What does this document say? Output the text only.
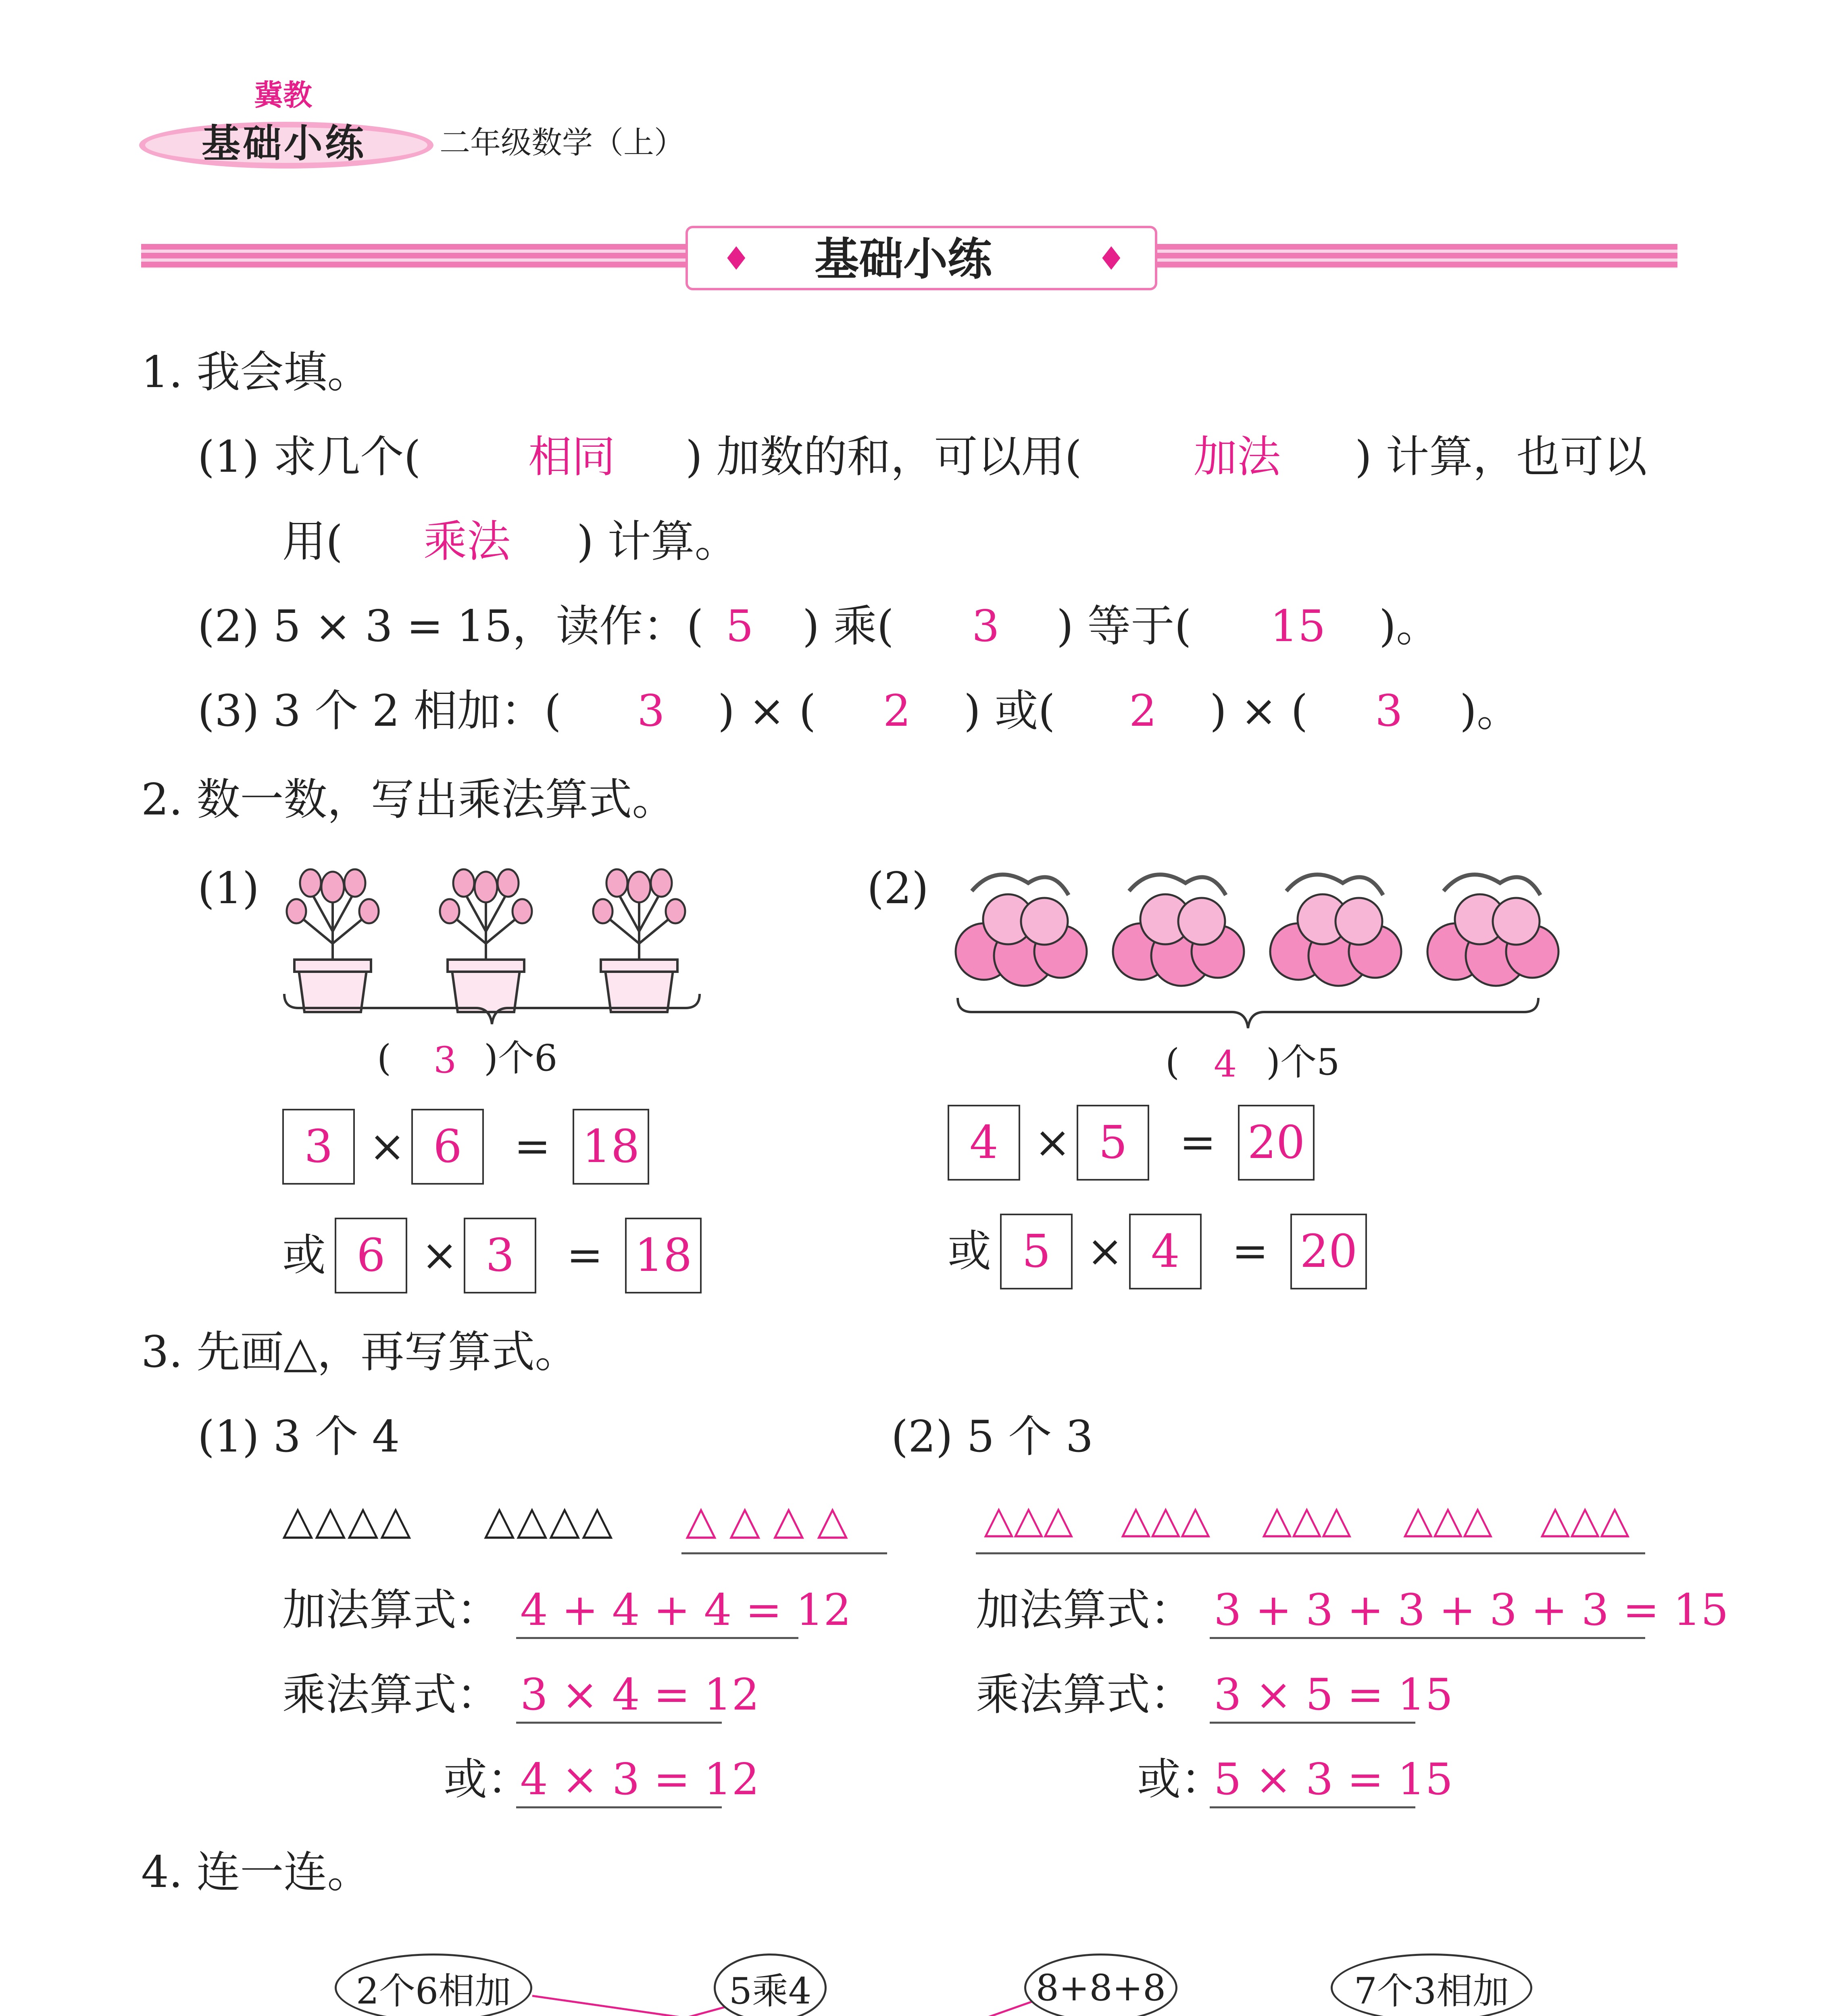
冀教
基础小练 二年级数学（上）
♦ 基础小练	♦
1. 我会填。
(1) 求几个( 相同 ) 加数的和，可以用(	加法 ) 计算，也可以
用( 乘法 ) 计算。
(2) 5 × 3 = 15，读作：( 5 ) 乘( 3 ) 等于( 15 )。
(3) 3 个 2 相加：( 3 ) × ( 2 ) 或( 2 ) × ( 3 )。
2. 数一数，写出乘法算式。
(1)
( 3 )个6
3 × 6	= 18
或 6 × 3	= 18
(2)
( 4 )个5
4 × 5	= 20
或 5 × 4	= 20
3. 先画△，再写算式。
(1) 3 个 4
△△△△ △△△△ △ △ △ △
加法算式： 4 + 4 + 4 = 12
乘法算式： 3 × 4 = 12
或：
4 × 3 = 12
(2) 5 个 3
△△△ △△△ △△△ △△△ △△△
加法算式： 3 + 3 + 3 + 3 + 3 = 15
乘法算式： 3 × 5 = 15
或：
5 × 3 = 15
4. 连一连。
2个6相加	5乘4	8+8+8	7个3相加
